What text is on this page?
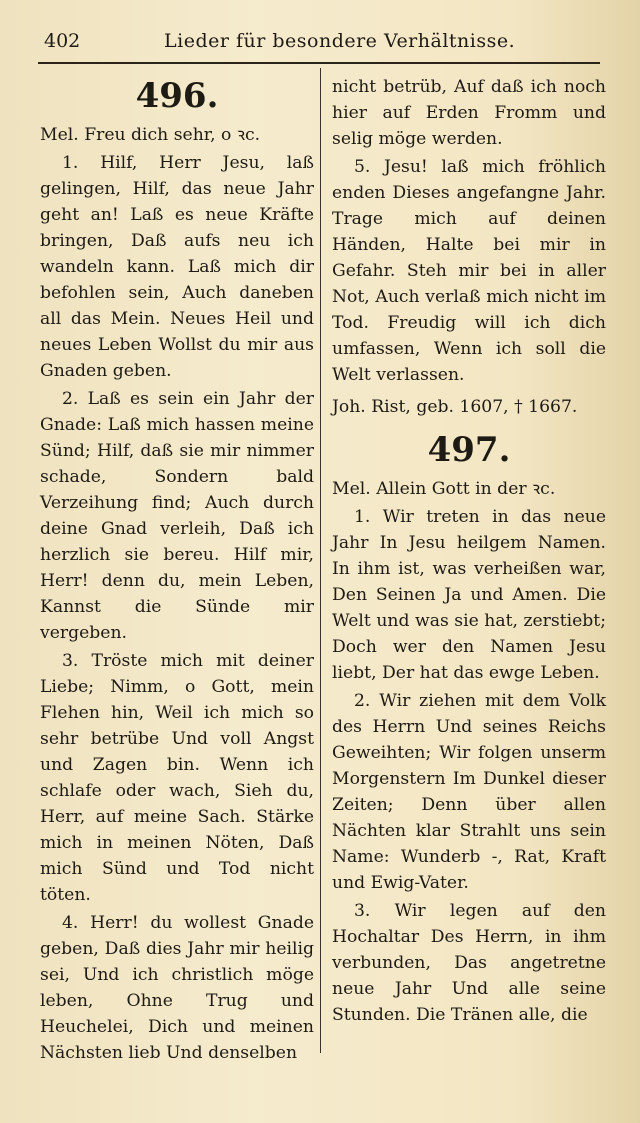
402	Lieder für besondere Verhältnisse.
496.
Mel. Freu dich sehr, o ꝛc.

1. Hilf, Herr Jesu, laß gelingen, Hilf, das neue Jahr geht an! Laß es neue Kräfte bringen, Daß aufs neu ich wandeln kann. Laß mich dir befohlen sein, Auch daneben all das Mein. Neues Heil und neues Leben Wollst du mir aus Gnaden geben.

2. Laß es sein ein Jahr der Gnade: Laß mich hassen meine Sünd; Hilf, daß sie mir nimmer schade, Sondern bald Verzeihung find; Auch durch deine Gnad verleih, Daß ich herzlich sie bereu. Hilf mir, Herr! denn du, mein Leben, Kannst die Sünde mir vergeben.

3. Tröste mich mit deiner Liebe; Nimm, o Gott, mein Flehen hin, Weil ich mich so sehr betrübe Und voll Angst und Zagen bin. Wenn ich schlafe oder wach, Sieh du, Herr, auf meine Sach. Stärke mich in meinen Nöten, Daß mich Sünd und Tod nicht töten.

4. Herr! du wollest Gnade geben, Daß dies Jahr mir heilig sei, Und ich christlich möge leben, Ohne Trug und Heuchelei, Dich und meinen Nächsten lieb Und denselben

nicht betrüb, Auf daß ich noch hier auf Erden Fromm und selig möge werden.

5. Jesu! laß mich fröhlich enden Dieses angefangne Jahr. Trage mich auf deinen Händen, Halte bei mir in Gefahr. Steh mir bei in aller Not, Auch verlaß mich nicht im Tod. Freudig will ich dich umfassen, Wenn ich soll die Welt verlassen.

Joh. Rist, geb. 1607, † 1667.
497.
Mel. Allein Gott in der ꝛc.

1. Wir treten in das neue Jahr In Jesu heilgem Namen. In ihm ist, was verheißen war, Den Seinen Ja und Amen. Die Welt und was sie hat, zerstiebt; Doch wer den Namen Jesu liebt, Der hat das ewge Leben.

2. Wir ziehen mit dem Volk des Herrn Und seines Reichs Geweihten; Wir folgen unserm Morgenstern Im Dunkel dieser Zeiten; Denn über allen Nächten klar Strahlt uns sein Name: Wunderb -, Rat, Kraft und Ewig-Vater.

3. Wir legen auf den Hochaltar Des Herrn, in ihm verbunden, Das angetretne neue Jahr Und alle seine Stunden. Die Tränen alle, die
